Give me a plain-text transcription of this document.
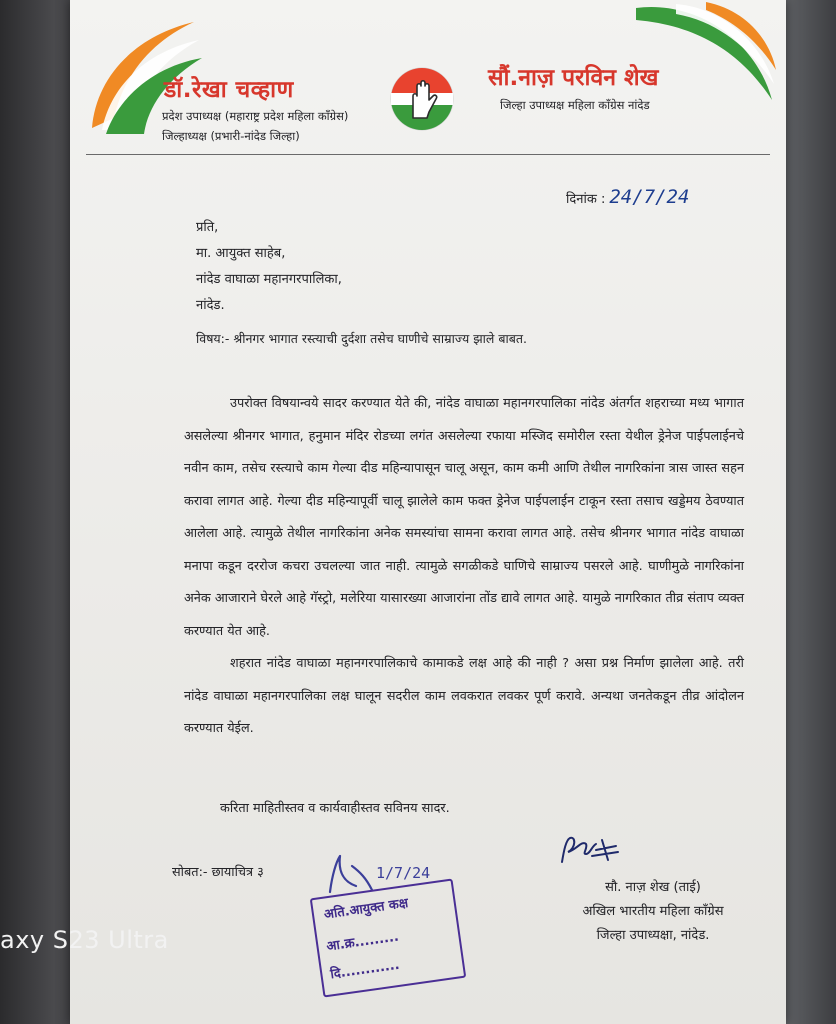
डॉ.रेखा चव्हाण
प्रदेश उपाध्यक्ष (महाराष्ट्र प्रदेश महिला काँग्रेस)
जिल्हाध्यक्ष (प्रभारी-नांदेड जिल्हा)
सौं.नाज़ परविन शेख
जिल्हा उपाध्यक्ष महिला काँग्रेस नांदेड
दिनांक : 24/7/24
प्रति,
मा. आयुक्त साहेब,
नांदेड वाघाळा महानगरपालिका,
नांदेड.
विषय:- श्रीनगर भागात रस्त्याची दुर्दशा तसेच घाणीचे साम्राज्य झाले बाबत.

उपरोक्त विषयान्वये सादर करण्यात येते की, नांदेड वाघाळा महानगरपालिका नांदेड अंतर्गत शहराच्या मध्य भागात असलेल्या श्रीनगर भागात, हनुमान मंदिर रोडच्या लगंत असलेल्या रफाया मस्जिद समोरील रस्ता येथील ड्रेनेज पाईपलाईनचे नवीन काम, तसेच रस्त्याचे काम गेल्या दीड महिन्यापासून चालू असून, काम कमी आणि तेथील नागरिकांना त्रास जास्त सहन करावा लागत आहे. गेल्या दीड महिन्यापूर्वी चालू झालेले काम फक्त ड्रेनेज पाईपलाईन टाकून रस्ता तसाच खड्डेमय ठेवण्यात आलेला आहे. त्यामुळे तेथील नागरिकांना अनेक समस्यांचा सामना करावा लागत आहे. तसेच श्रीनगर भागात नांदेड वाघाळा मनापा कडून दररोज कचरा उचलल्या जात नाही. त्यामुळे सगळीकडे घाणिचे साम्राज्य पसरले आहे. घाणीमुळे नागरिकांना अनेक आजाराने घेरले आहे गॅस्ट्रो, मलेरिया यासारख्या आजारांना तोंड द्यावे लागत आहे. यामुळे नागरिकात तीव्र संताप व्यक्त करण्यात येत आहे.

शहरात नांदेड वाघाळा महानगरपालिकाचे कामाकडे लक्ष आहे की नाही ? असा प्रश्न निर्माण झालेला आहे. तरी नांदेड वाघाळा महानगरपालिका लक्ष घालून सदरील काम लवकरात लवकर पूर्ण करावे. अन्यथा जनतेकडून तीव्र आंदोलन करण्यात येईल.

करिता माहितीस्तव व कार्यवाहीस्तव सविनय सादर.
सोबत:- छायाचित्र ३
सौ. नाज़ शेख (ताई)
अखिल भारतीय महिला काँग्रेस
जिल्हा उपाध्यक्षा, नांदेड.
1/7/24
अति.आयुक्त कक्ष
आ.क्र.........
दि............
axy S23 Ultra
